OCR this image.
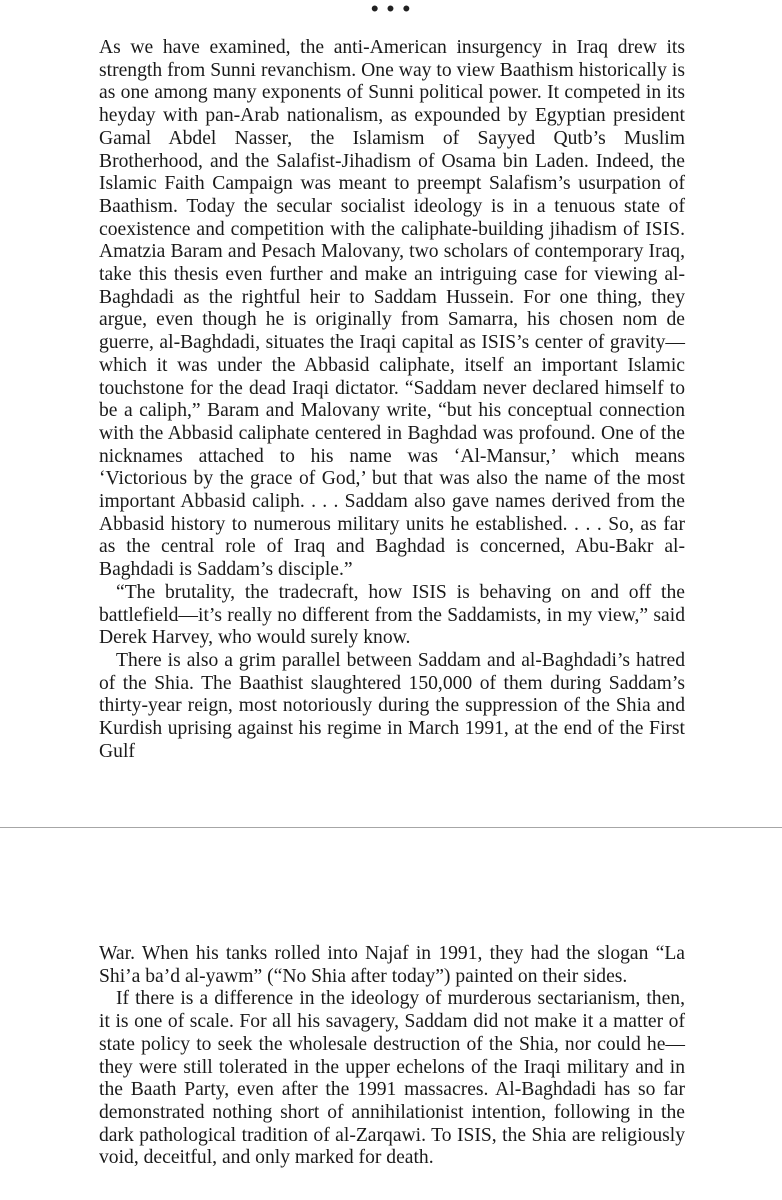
• • •

As we have examined, the anti-American insurgency in Iraq drew its strength from Sunni revanchism. One way to view Baathism historically is as one among many exponents of Sunni political power. It competed in its heyday with pan-Arab nationalism, as expounded by Egyptian president Gamal Abdel Nasser, the Islamism of Sayyed Qutb’s Muslim Brotherhood, and the Salafist-Jihadism of Osama bin Laden. Indeed, the Islamic Faith Campaign was meant to preempt Salafism’s usurpation of Baathism. Today the secular socialist ideology is in a tenuous state of coexistence and competition with the caliphate-building jihadism of ISIS. Amatzia Baram and Pesach Malovany, two scholars of contemporary Iraq, take this thesis even further and make an intriguing case for viewing al-Baghdadi as the rightful heir to Saddam Hussein. For one thing, they argue, even though he is originally from Samarra, his chosen nom de guerre, al-Baghdadi, situates the Iraqi capital as ISIS’s center of gravity—which it was under the Abbasid caliphate, itself an important Islamic touchstone for the dead Iraqi dictator. “Saddam never declared himself to be a caliph,” Baram and Malovany write, “but his conceptual connection with the Abbasid caliphate centered in Baghdad was profound. One of the nicknames attached to his name was ‘Al-Mansur,’ which means ‘Victorious by the grace of God,’ but that was also the name of the most important Abbasid caliph. . . . Saddam also gave names derived from the Abbasid history to numerous military units he established. . . . So, as far as the central role of Iraq and Baghdad is concerned, Abu-Bakr al-Baghdadi is Saddam’s disciple.”

“The brutality, the tradecraft, how ISIS is behaving on and off the battlefield—it’s really no different from the Saddamists, in my view,” said Derek Harvey, who would surely know.

There is also a grim parallel between Saddam and al-Baghdadi’s hatred of the Shia. The Baathist slaughtered 150,000 of them during Saddam’s thirty-year reign, most notoriously during the suppression of the Shia and Kurdish uprising against his regime in March 1991, at the end of the First Gulf

War. When his tanks rolled into Najaf in 1991, they had the slogan “La Shi’a ba’d al-yawm” (“No Shia after today”) painted on their sides.

If there is a difference in the ideology of murderous sectarianism, then, it is one of scale. For all his savagery, Saddam did not make it a matter of state policy to seek the wholesale destruction of the Shia, nor could he—they were still tolerated in the upper echelons of the Iraqi military and in the Baath Party, even after the 1991 massacres. Al-Baghdadi has so far demonstrated nothing short of annihilationist intention, following in the dark pathological tradition of al-Zarqawi. To ISIS, the Shia are religiously void, deceitful, and only marked for death.
